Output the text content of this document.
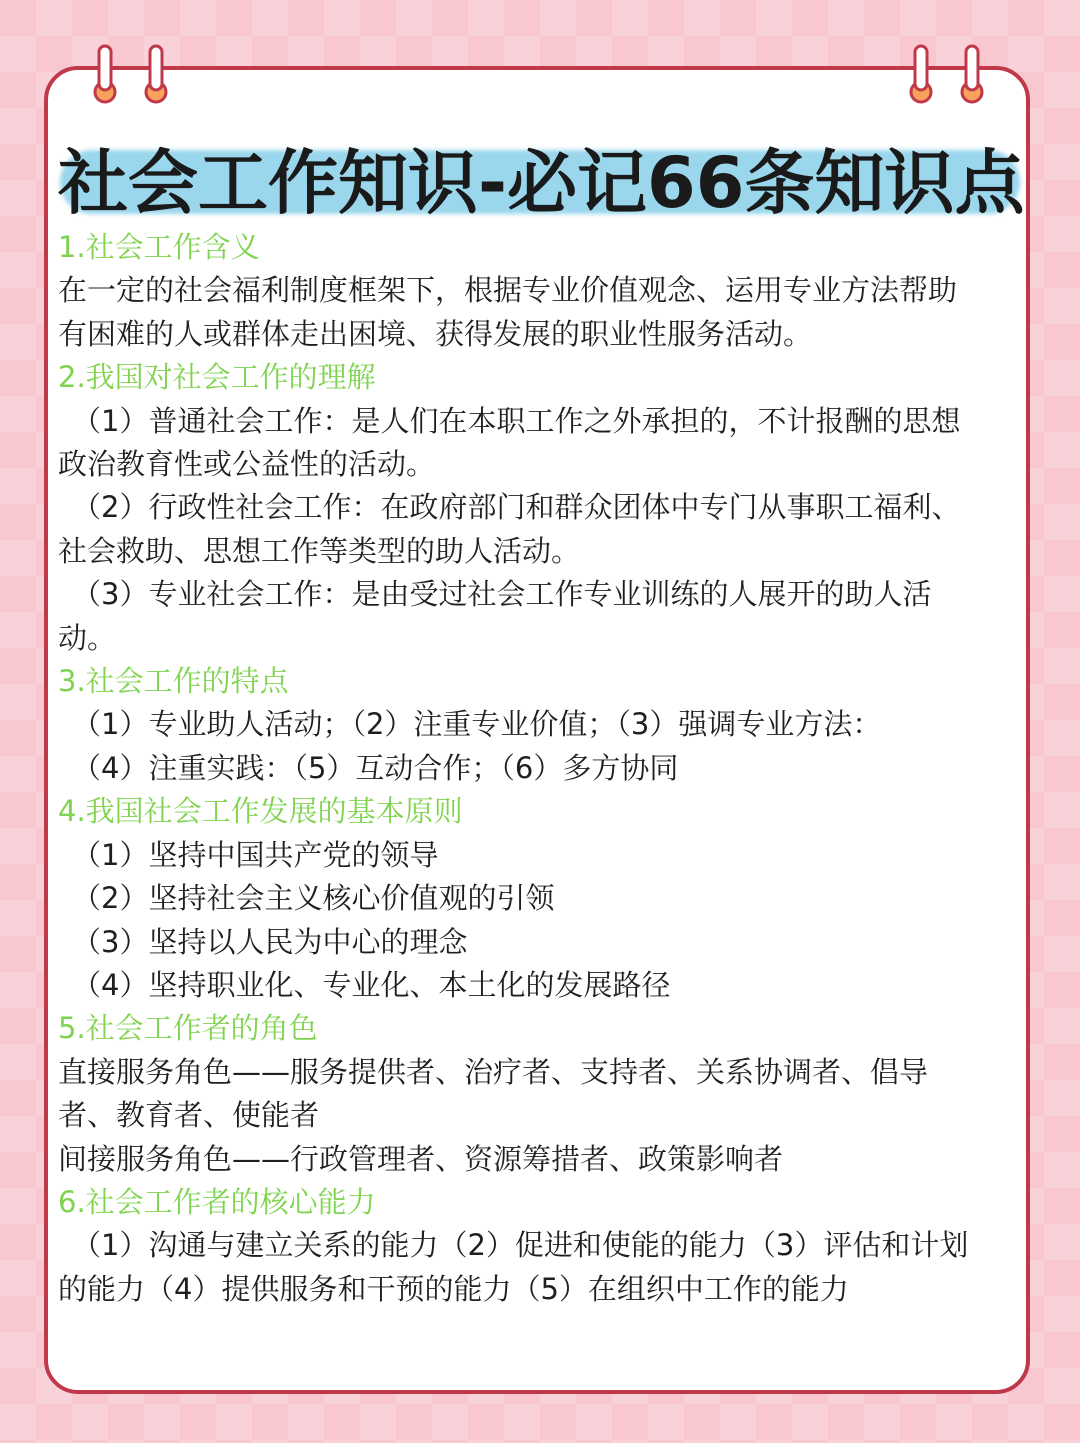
社会工作知识-必记66条知识点
1.社会工作含义
在一定的社会福利制度框架下，根据专业价值观念、运用专业方法帮助
有困难的人或群体走出困境、获得发展的职业性服务活动。
2.我国对社会工作的理解
（1）普通社会工作：是人们在本职工作之外承担的，不计报酬的思想
政治教育性或公益性的活动。
（2）行政性社会工作：在政府部门和群众团体中专门从事职工福利、
社会救助、思想工作等类型的助人活动。
（3）专业社会工作：是由受过社会工作专业训练的人展开的助人活
动。
3.社会工作的特点
（1）专业助人活动；（2）注重专业价值；（3）强调专业方法：
（4）注重实践：（5）互动合作；（6）多方协同
4.我国社会工作发展的基本原则
（1）坚持中国共产党的领导
（2）坚持社会主义核心价值观的引领
（3）坚持以人民为中心的理念
（4）坚持职业化、专业化、本土化的发展路径
5.社会工作者的角色
直接服务角色——服务提供者、治疗者、支持者、关系协调者、倡导
者、教育者、使能者
间接服务角色——行政管理者、资源筹措者、政策影响者
6.社会工作者的核心能力
（1）沟通与建立关系的能力（2）促进和使能的能力（3）评估和计划
的能力（4）提供服务和干预的能力（5）在组织中工作的能力
